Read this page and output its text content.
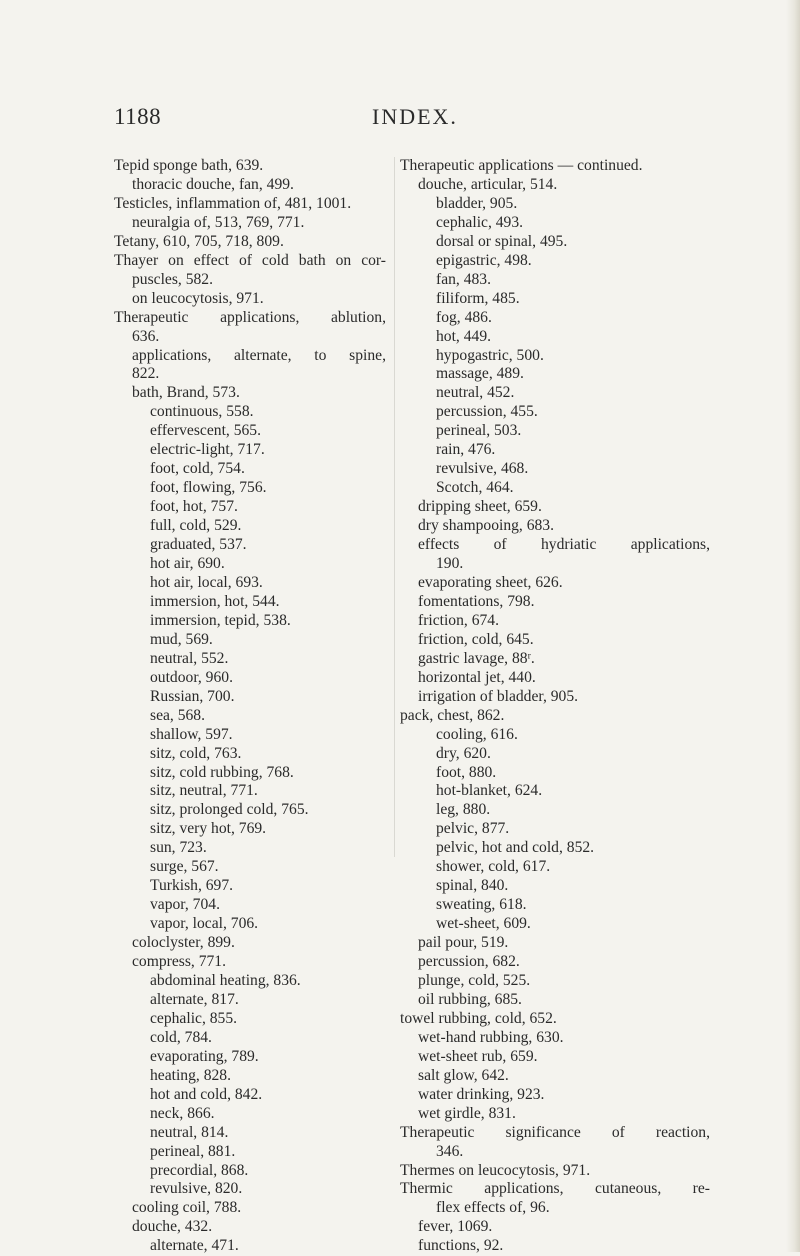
1188	INDEX.
Tepid sponge bath, 639.
thoracic douche, fan, 499.
Testicles, inflammation of, 481, 1001.
neuralgia of, 513, 769, 771.
Tetany, 610, 705, 718, 809.
Thayer on effect of cold bath on cor-
puscles, 582.
on leucocytosis, 971.
Therapeutic applications, ablution,
636.
applications, alternate, to spine,
822.
bath, Brand, 573.
continuous, 558.
effervescent, 565.
electric-light, 717.
foot, cold, 754.
foot, flowing, 756.
foot, hot, 757.
full, cold, 529.
graduated, 537.
hot air, 690.
hot air, local, 693.
immersion, hot, 544.
immersion, tepid, 538.
mud, 569.
neutral, 552.
outdoor, 960.
Russian, 700.
sea, 568.
shallow, 597.
sitz, cold, 763.
sitz, cold rubbing, 768.
sitz, neutral, 771.
sitz, prolonged cold, 765.
sitz, very hot, 769.
sun, 723.
surge, 567.
Turkish, 697.
vapor, 704.
vapor, local, 706.
coloclyster, 899.
compress, 771.
abdominal heating, 836.
alternate, 817.
cephalic, 855.
cold, 784.
evaporating, 789.
heating, 828.
hot and cold, 842.
neck, 866.
neutral, 814.
perineal, 881.
precordial, 868.
revulsive, 820.
cooling coil, 788.
douche, 432.
alternate, 471.
Therapeutic applications — continued.
douche, articular, 514.
bladder, 905.
cephalic, 493.
dorsal or spinal, 495.
epigastric, 498.
fan, 483.
filiform, 485.
fog, 486.
hot, 449.
hypogastric, 500.
massage, 489.
neutral, 452.
percussion, 455.
perineal, 503.
rain, 476.
revulsive, 468.
Scotch, 464.
dripping sheet, 659.
dry shampooing, 683.
effects of hydriatic applications,
190.
evaporating sheet, 626.
fomentations, 798.
friction, 674.
friction, cold, 645.
gastric lavage, 88ʳ.
horizontal jet, 440.
irrigation of bladder, 905.
pack, chest, 862.
cooling, 616.
dry, 620.
foot, 880.
hot-blanket, 624.
leg, 880.
pelvic, 877.
pelvic, hot and cold, 852.
shower, cold, 617.
spinal, 840.
sweating, 618.
wet-sheet, 609.
pail pour, 519.
percussion, 682.
plunge, cold, 525.
oil rubbing, 685.
towel rubbing, cold, 652.
wet-hand rubbing, 630.
wet-sheet rub, 659.
salt glow, 642.
water drinking, 923.
wet girdle, 831.
Therapeutic significance of reaction,
346.
Thermes on leucocytosis, 971.
Thermic applications, cutaneous, re-
flex effects of, 96.
fever, 1069.
functions, 92.
